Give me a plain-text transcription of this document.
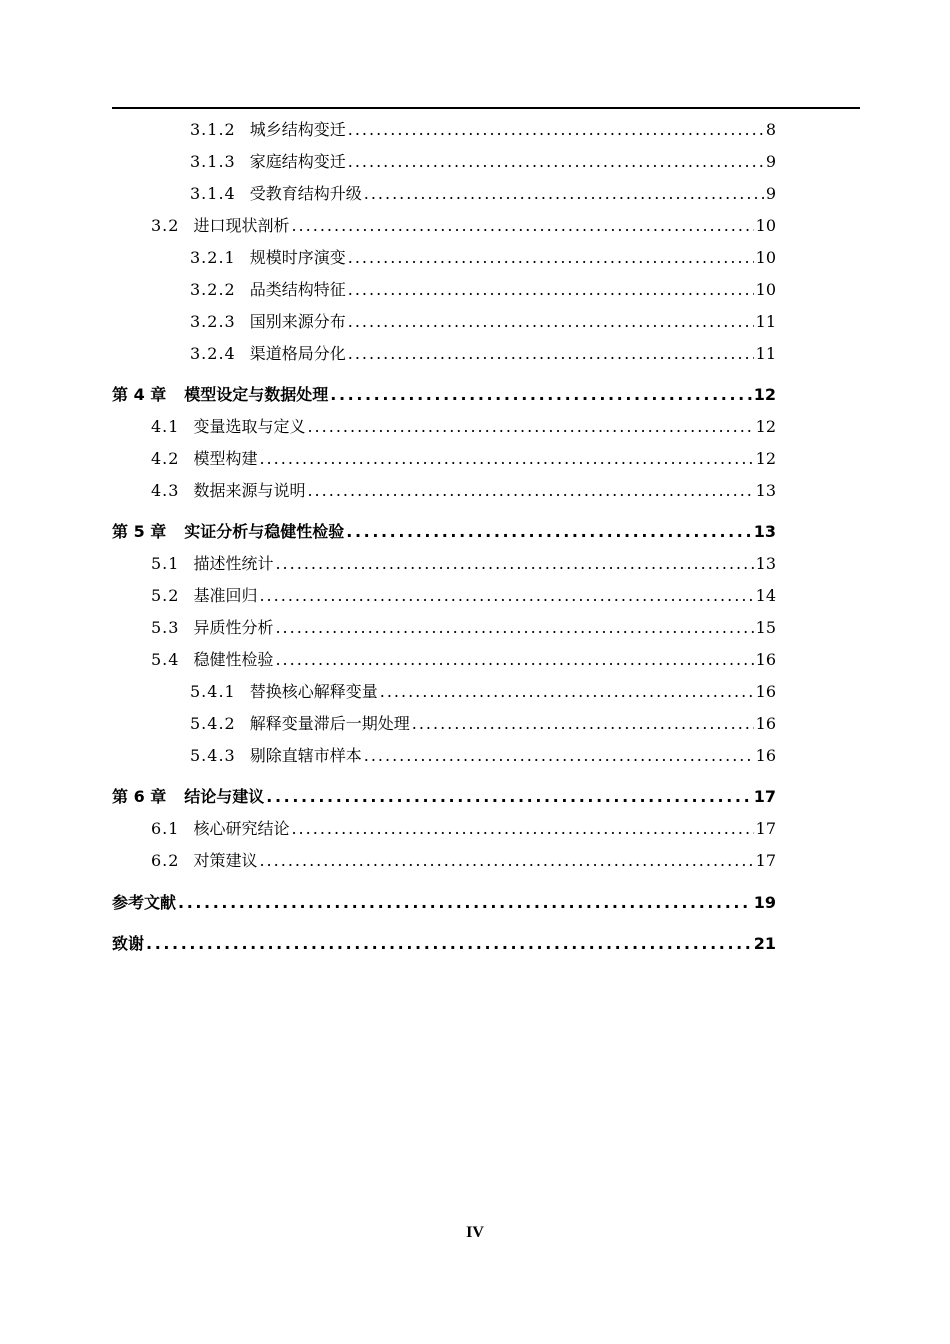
3.1.2 城乡结构变迁 .....	8
3.1.3 家庭结构变迁 .....	9
3.1.4 受教育结构升级 .....	9
3.2 进口现状剖析 .....	10
3.2.1 规模时序演变 .....	10
3.2.2 品类结构特征 .....	10
3.2.3 国别来源分布 .....	11
3.2.4 渠道格局分化 .....	11
第 4 章 模型设定与数据处理 .....	12
4.1 变量选取与定义 .....	12
4.2 模型构建 .....	12
4.3 数据来源与说明 .....	13
第 5 章 实证分析与稳健性检验 .....	13
5.1 描述性统计 .....	13
5.2 基准回归 .....	14
5.3 异质性分析 .....	15
5.4 稳健性检验 .....	16
5.4.1 替换核心解释变量 .....	16
5.4.2 解释变量滞后一期处理 .....	16
5.4.3 剔除直辖市样本 .....	16
第 6 章 结论与建议 .....	17
6.1 核心研究结论 .....	17
6.2 对策建议 .....	17
参考文献 .....	19
致谢 .....	21
IV
